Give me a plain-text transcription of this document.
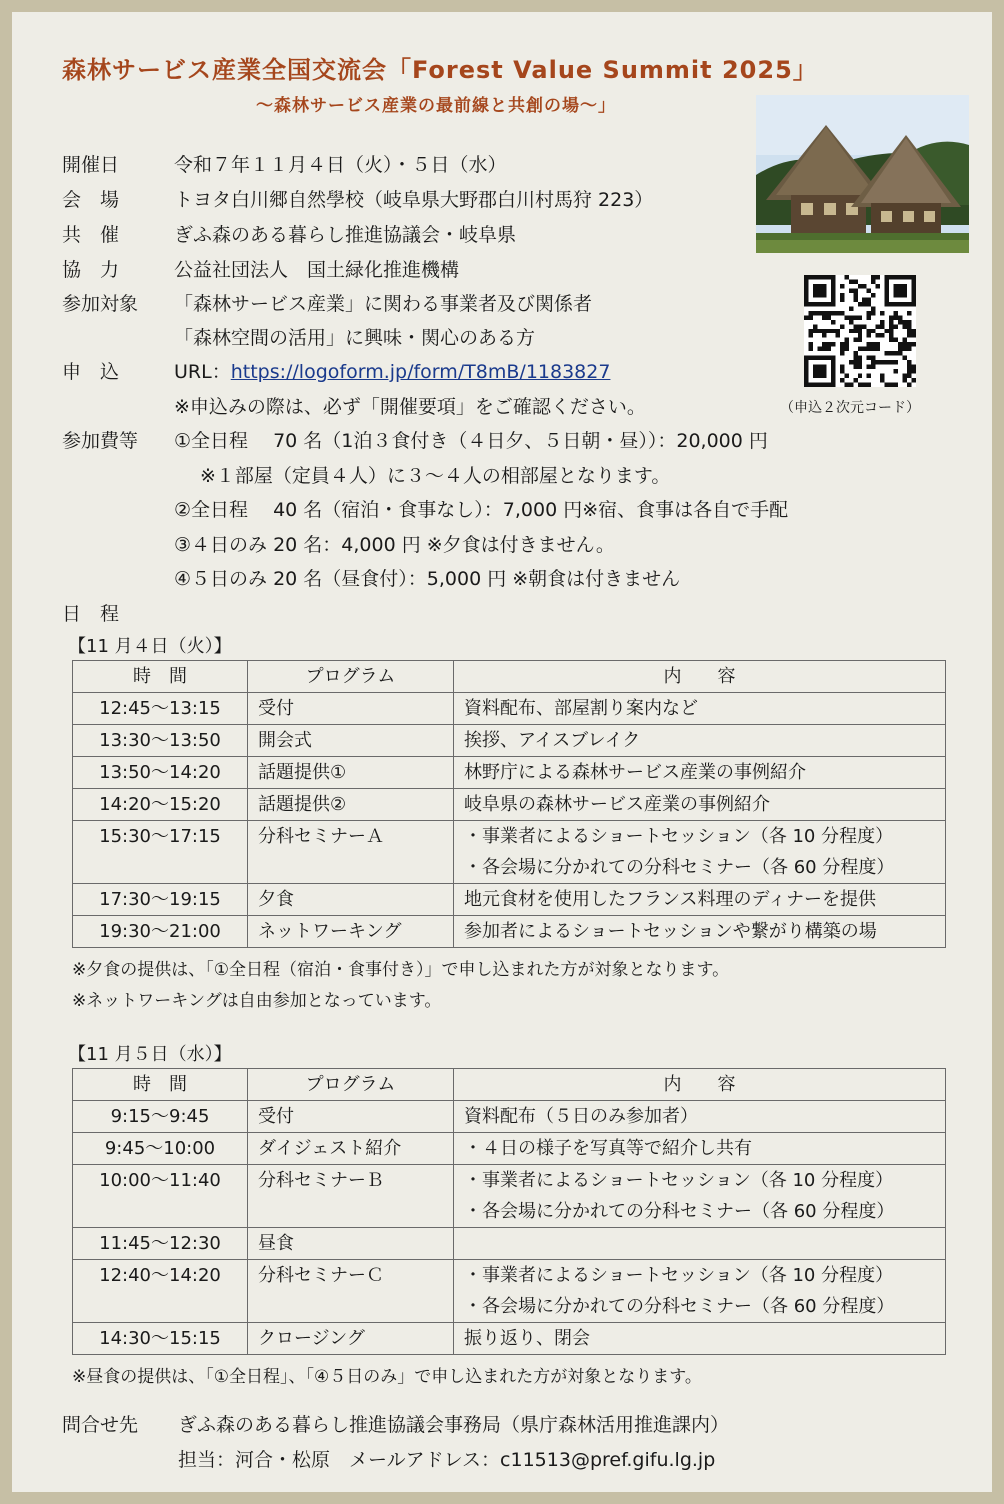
森林サービス産業全国交流会「Forest Value Summit 2025」
～森林サービス産業の最前線と共創の場～」
開催日	令和７年１１月４日（火）・５日（水）
会　場	トヨタ白川郷自然學校（岐阜県大野郡白川村馬狩 223）
共　催	ぎふ森のある暮らし推進協議会・岐阜県
協　力	公益社団法人　国土緑化推進機構
参加対象 「森林サービス産業」に関わる事業者及び関係者
「森林空間の活用」に興味・関心のある方
申　込	URL：https://logoform.jp/form/T8mB/1183827
※申込みの際は、必ず「開催要項」をご確認ください。	（申込２次元コード）
参加費等 ①全日程　 70 名（1泊３食付き（４日夕、５日朝・昼））：20,000 円
※１部屋（定員４人）に３～４人の相部屋となります。
②全日程　 40 名（宿泊・食事なし）：7,000 円※宿、食事は各自で手配
③４日のみ 20 名：4,000 円 ※夕食は付きません。
④５日のみ 20 名（昼食付）：5,000 円 ※朝食は付きません
日　程
【11 月４日（火）】
時　間	プログラム	内　　容
12:45～13:15	受付	資料配布、部屋割り案内など

13:30～13:50	開会式	挨拶、アイスブレイク

13:50～14:20	話題提供①	林野庁による森林サービス産業の事例紹介

14:20～15:20	話題提供②	岐阜県の森林サービス産業の事例紹介

15:30～17:15	分科セミナーＡ	・事業者によるショートセッション（各 10 分程度）
・各会場に分かれての分科セミナー（各 60 分程度）

17:30～19:15	夕食	地元食材を使用したフランス料理のディナーを提供

19:30～21:00	ネットワーキング	参加者によるショートセッションや繋がり構築の場
※夕食の提供は、「①全日程（宿泊・食事付き）」で申し込まれた方が対象となります。
※ネットワーキングは自由参加となっています。
【11 月５日（水）】
時　間	プログラム	内　　容
9:15～9:45	受付	資料配布（５日のみ参加者）

9:45～10:00	ダイジェスト紹介	・４日の様子を写真等で紹介し共有

10:00～11:40	分科セミナーＢ	・事業者によるショートセッション（各 10 分程度）
・各会場に分かれての分科セミナー（各 60 分程度）

11:45～12:30	昼食	

12:40～14:20	分科セミナーＣ	・事業者によるショートセッション（各 10 分程度）
・各会場に分かれての分科セミナー（各 60 分程度）

14:30～15:15	クロージング	振り返り、閉会
※昼食の提供は、「①全日程」、「④５日のみ」で申し込まれた方が対象となります。
問合せ先 ぎふ森のある暮らし推進協議会事務局（県庁森林活用推進課内）
担当：河合・松原　メールアドレス：c11513@pref.gifu.lg.jp
